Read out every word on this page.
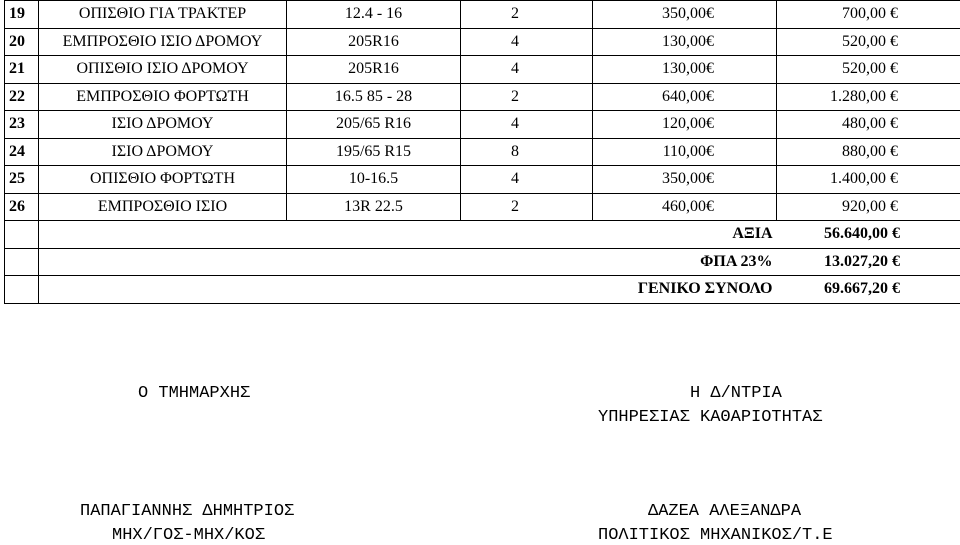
19	ΟΠΙΣΘΙΟ ΓΙΑ ΤΡΑΚΤΕΡ	12.4 - 16	2	350,00€	700,00 €
20	ΕΜΠΡΟΣΘΙΟ ΙΣΙΟ ΔΡΟΜΟΥ	205R16	4	130,00€	520,00 €
21	ΟΠΙΣΘΙΟ ΙΣΙΟ ΔΡΟΜΟΥ	205R16	4	130,00€	520,00 €
22	ΕΜΠΡΟΣΘΙΟ ΦΟΡΤΩΤΗ	16.5 85 - 28	2	640,00€	1.280,00 €
23	ΙΣΙΟ ΔΡΟΜΟΥ	205/65 R16	4	120,00€	480,00 €
24	ΙΣΙΟ ΔΡΟΜΟΥ	195/65 R15	8	110,00€	880,00 €
25	ΟΠΙΣΘΙΟ ΦΟΡΤΩΤΗ	10-16.5	4	350,00€	1.400,00 €
26	ΕΜΠΡΟΣΘΙΟ ΙΣΙΟ	13R 22.5	2	460,00€	920,00 €
				ΑΞΙΑ	56.640,00 €
				ΦΠΑ 23%	13.027,20 €
				ΓΕΝΙΚΟ ΣΥΝΟΛΟ	69.667,20 €
Ο ΤΜΗΜΑΡΧΗΣ	Η Δ/ΝΤΡΙΑ
ΥΠΗΡΕΣΙΑΣ ΚΑΘΑΡΙΟΤΗΤΑΣ
ΠΑΠΑΓΙΑΝΝΗΣ ΔΗΜΗΤΡΙΟΣ
ΜΗΧ/ΓΟΣ-ΜΗΧ/ΚΟΣ
ΔΑΖΕΑ ΑΛΕΞΑΝΔΡΑ
ΠΟΛΙΤΙΚΟΣ ΜΗΧΑΝΙΚΟΣ/Τ.Ε
